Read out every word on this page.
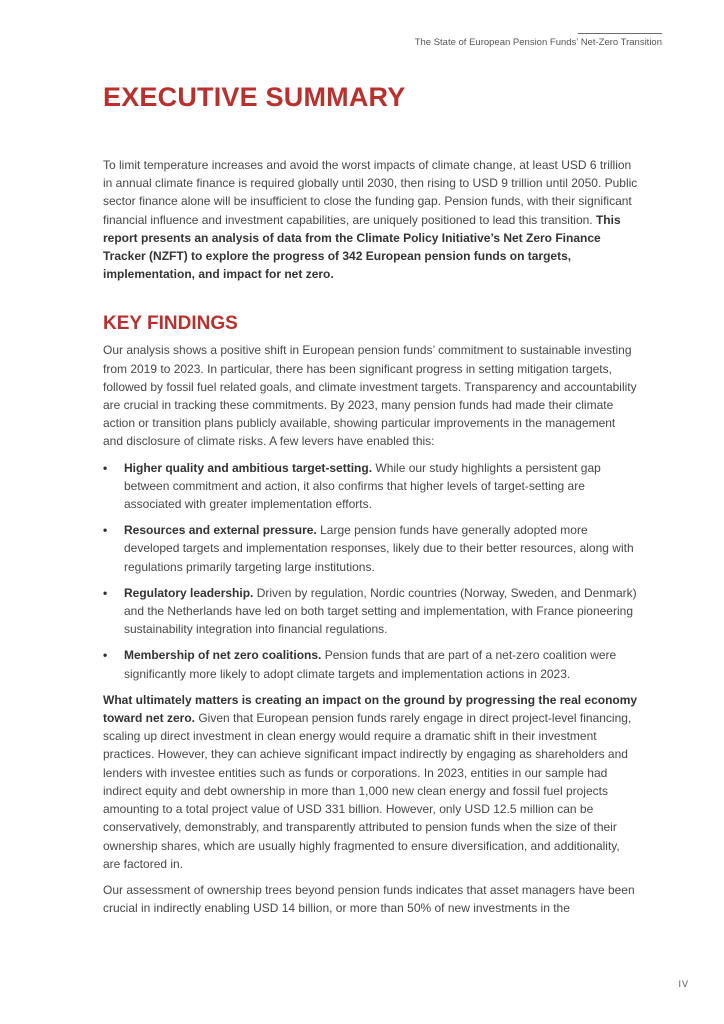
The State of European Pension Funds’ Net-Zero Transition
EXECUTIVE SUMMARY

To limit temperature increases and avoid the worst impacts of climate change, at least USD 6 trillion in annual climate finance is required globally until 2030, then rising to USD 9 trillion until 2050. Public sector finance alone will be insufficient to close the funding gap. Pension funds, with their significant financial influence and investment capabilities, are uniquely positioned to lead this transition. This report presents an analysis of data from the Climate Policy Initiative’s Net Zero Finance Tracker (NZFT) to explore the progress of 342 European pension funds on targets, implementation, and impact for net zero.

KEY FINDINGS

Our analysis shows a positive shift in European pension funds’ commitment to sustainable investing from 2019 to 2023. In particular, there has been significant progress in setting mitigation targets, followed by fossil fuel related goals, and climate investment targets. Transparency and accountability are crucial in tracking these commitments. By 2023, many pension funds had made their climate action or transition plans publicly available, showing particular improvements in the management and disclosure of climate risks. A few levers have enabled this:

• Higher quality and ambitious target-setting. While our study highlights a persistent gap between commitment and action, it also confirms that higher levels of target-setting are associated with greater implementation efforts.
• Resources and external pressure. Large pension funds have generally adopted more developed targets and implementation responses, likely due to their better resources, along with regulations primarily targeting large institutions.
• Regulatory leadership. Driven by regulation, Nordic countries (Norway, Sweden, and Denmark) and the Netherlands have led on both target setting and implementation, with France pioneering sustainability integration into financial regulations.
• Membership of net zero coalitions. Pension funds that are part of a net-zero coalition were significantly more likely to adopt climate targets and implementation actions in 2023.

What ultimately matters is creating an impact on the ground by progressing the real economy toward net zero. Given that European pension funds rarely engage in direct project-level financing, scaling up direct investment in clean energy would require a dramatic shift in their investment practices. However, they can achieve significant impact indirectly by engaging as shareholders and lenders with investee entities such as funds or corporations. In 2023, entities in our sample had indirect equity and debt ownership in more than 1,000 new clean energy and fossil fuel projects amounting to a total project value of USD 331 billion. However, only USD 12.5 million can be conservatively, demonstrably, and transparently attributed to pension funds when the size of their ownership shares, which are usually highly fragmented to ensure diversification, and additionality, are factored in.

Our assessment of ownership trees beyond pension funds indicates that asset managers have been crucial in indirectly enabling USD 14 billion, or more than 50% of new investments in the

IV
